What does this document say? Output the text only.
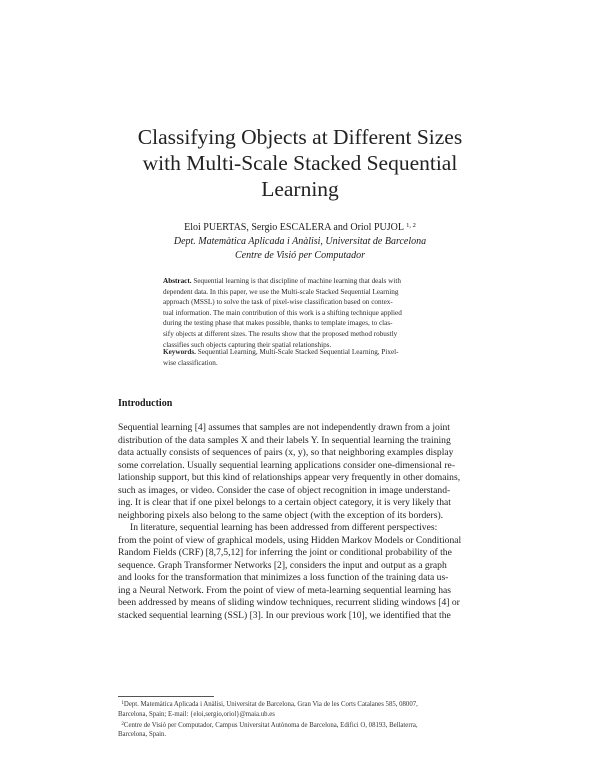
Classifying Objects at Different Sizes
with Multi-Scale Stacked Sequential
Learning
Eloi PUERTAS, Sergio ESCALERA and Oriol PUJOL $^{1, 2}$
Dept. Matemàtica Aplicada i Anàlisi, Universitat de Barcelona
Centre de Visió per Computador
Abstract. Sequential learning is that discipline of machine learning that deals with
dependent data. In this paper, we use the Multi-scale Stacked Sequential Learning
approach (MSSL) to solve the task of pixel-wise classification based on contex-
tual information. The main contribution of this work is a shifting technique applied
during the testing phase that makes possible, thanks to template images, to clas-
sify objects at different sizes. The results show that the proposed method robustly
classifies such objects capturing their spatial relationships.
Keywords. Sequential Learning, Multi-Scale Stacked Sequential Learning, Pixel-
wise classification.
Introduction
Sequential learning [4] assumes that samples are not independently drawn from a joint
distribution of the data samples X and their labels Y. In sequential learning the training
data actually consists of sequences of pairs (x, y), so that neighboring examples display
some correlation. Usually sequential learning applications consider one-dimensional re-
lationship support, but this kind of relationships appear very frequently in other domains,
such as images, or video. Consider the case of object recognition in image understand-
ing. It is clear that if one pixel belongs to a certain object category, it is very likely that
neighboring pixels also belong to the same object (with the exception of its borders).
In literature, sequential learning has been addressed from different perspectives:
from the point of view of graphical models, using Hidden Markov Models or Conditional
Random Fields (CRF) [8,7,5,12] for inferring the joint or conditional probability of the
sequence. Graph Transformer Networks [2], considers the input and output as a graph
and looks for the transformation that minimizes a loss function of the training data us-
ing a Neural Network. From the point of view of meta-learning sequential learning has
been addressed by means of sliding window techniques, recurrent sliding windows [4] or
stacked sequential learning (SSL) [3]. In our previous work [10], we identified that the
$^1$Dept. Matemàtica Aplicada i Anàlisi, Universitat de Barcelona, Gran Via de les Corts Catalanes 585, 08007,
Barcelona, Spain; E-mail: {eloi,sergio,oriol}@maia.ub.es
$^2$Centre de Visió per Computador, Campus Universitat Autònoma de Barcelona, Edifici O, 08193, Bellaterra,
Barcelona, Spain.
